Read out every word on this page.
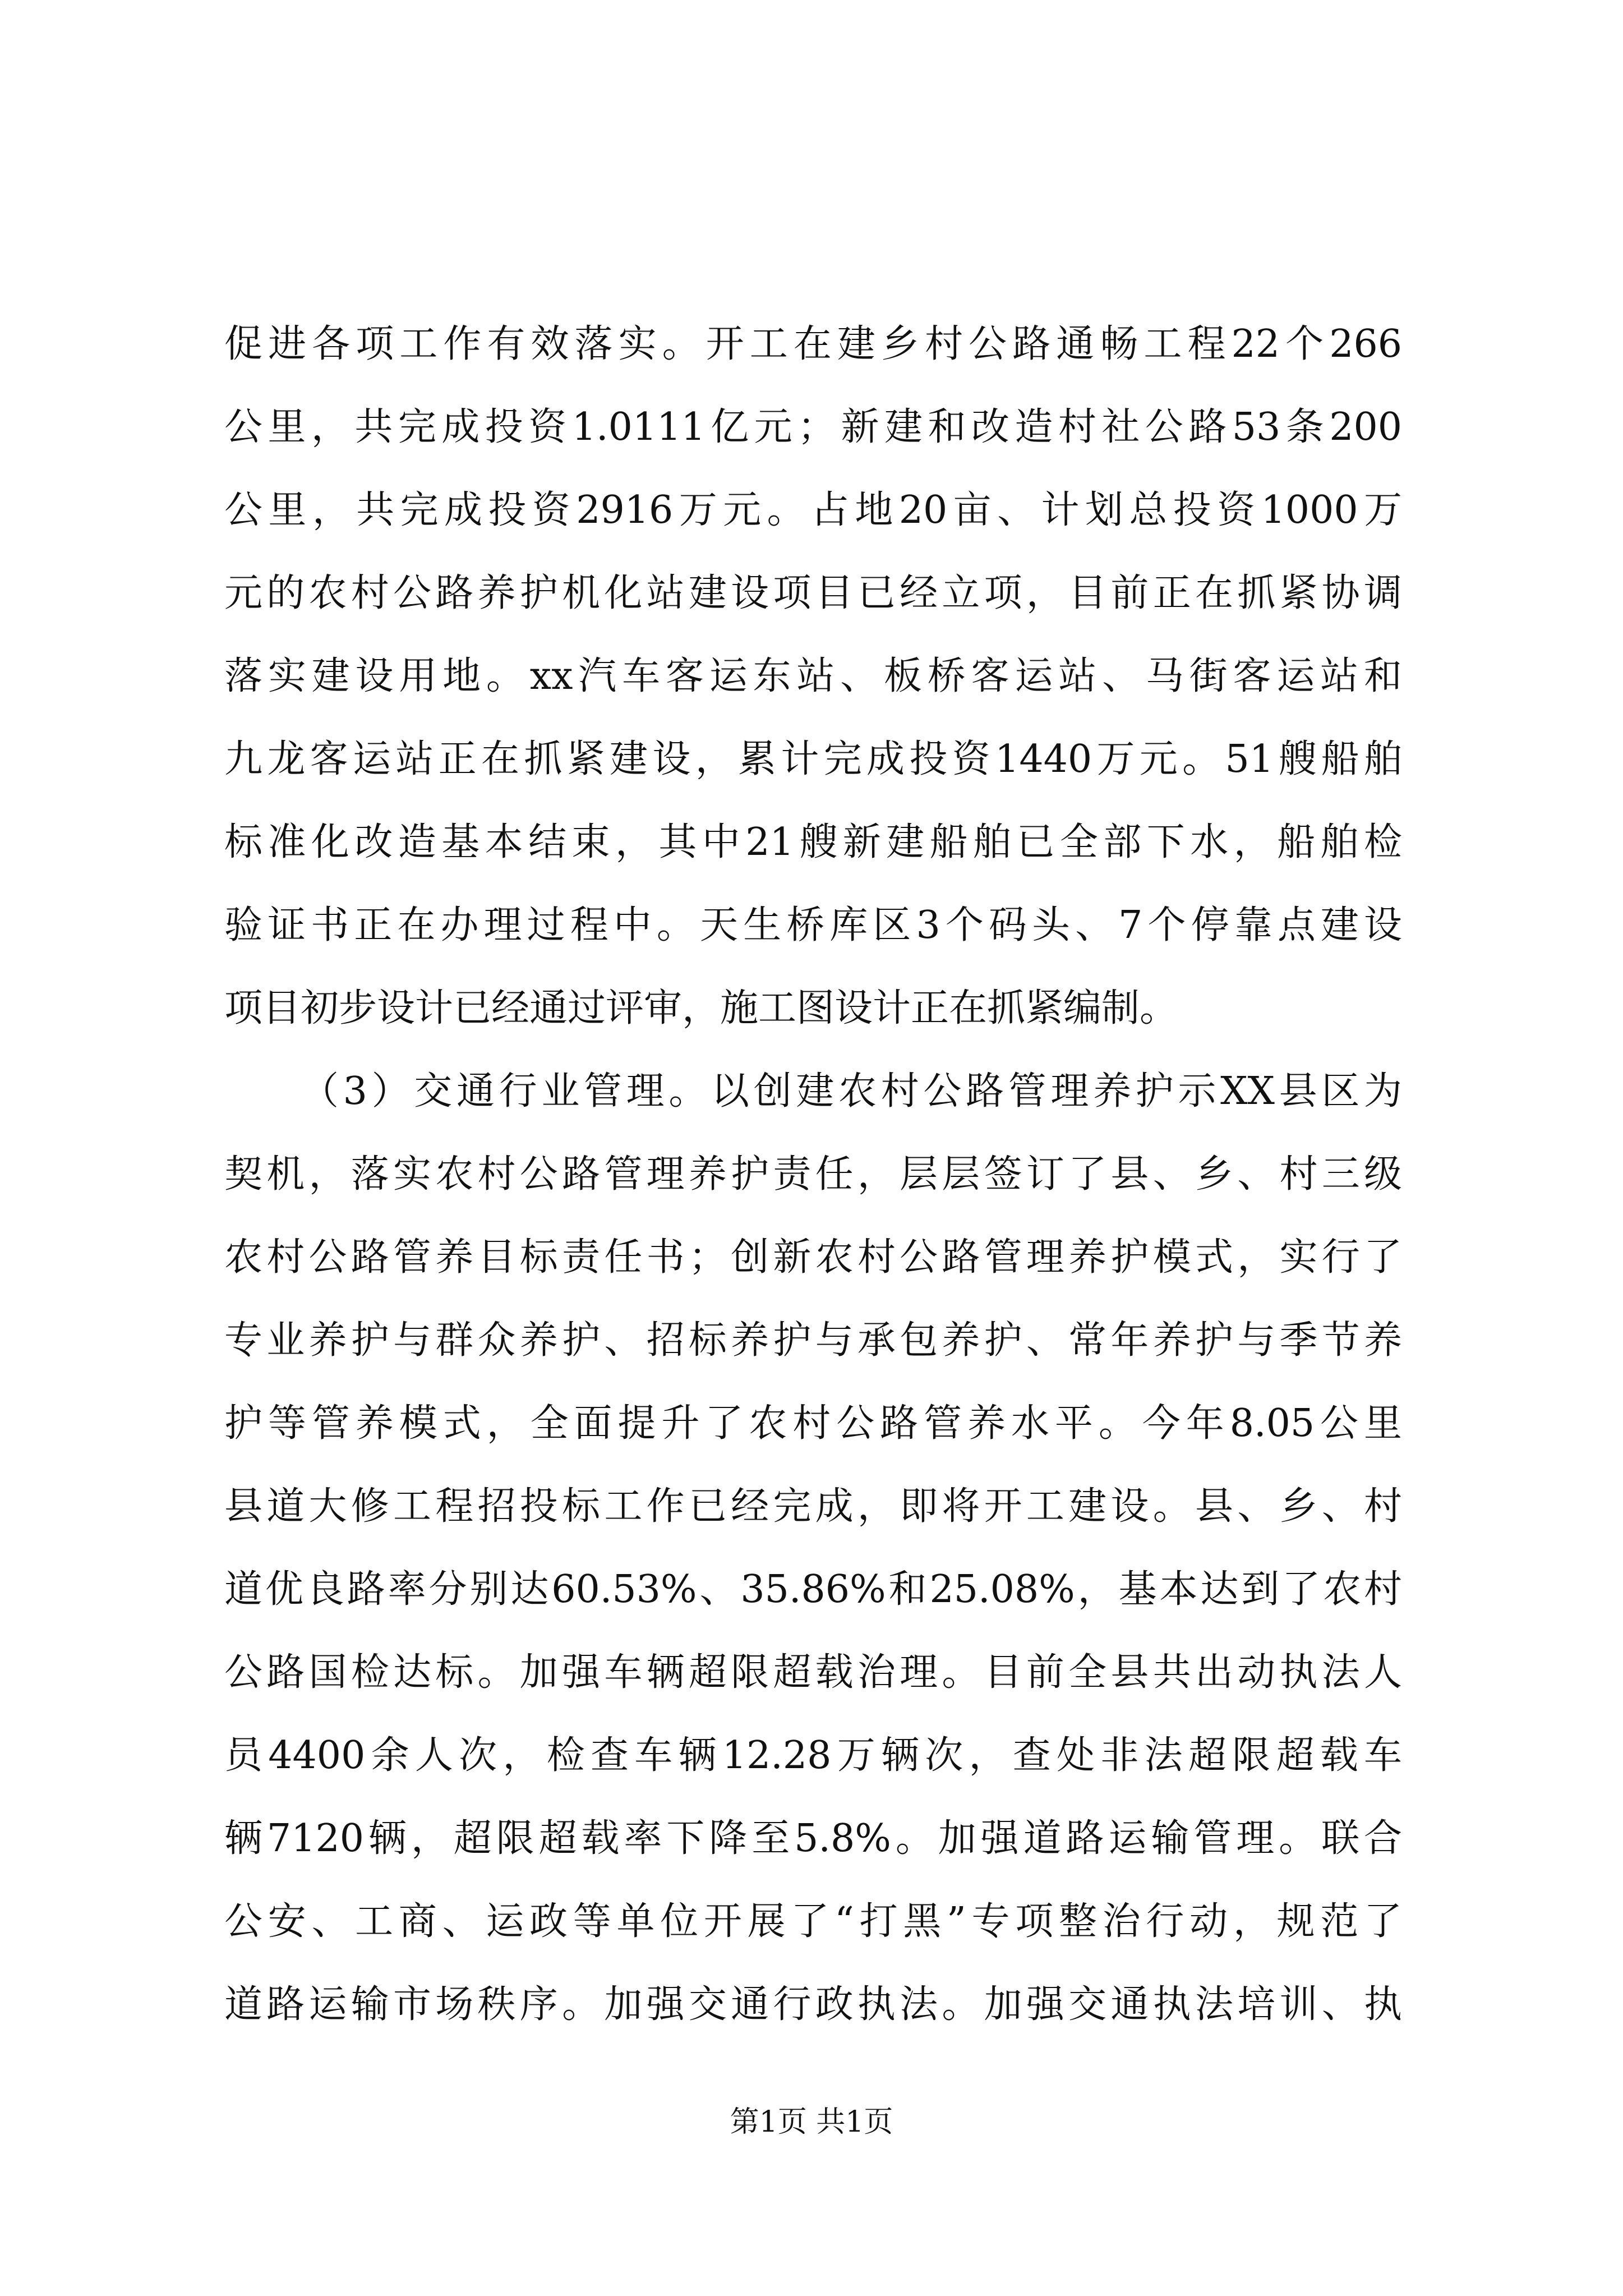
促进各项工作有效落实。开工在建乡村公路通畅工程22个266
公里，共完成投资1.0111亿元；新建和改造村社公路53条200
公里，共完成投资2916万元。占地20亩、计划总投资1000万
元的农村公路养护机化站建设项目已经立项，目前正在抓紧协调
落实建设用地。xx汽车客运东站、板桥客运站、马街客运站和
九龙客运站正在抓紧建设，累计完成投资1440万元。51艘船舶
标准化改造基本结束，其中21艘新建船舶已全部下水，船舶检
验证书正在办理过程中。天生桥库区3个码头、7个停靠点建设
项目初步设计已经通过评审，施工图设计正在抓紧编制。
（3）交通行业管理。以创建农村公路管理养护示XX县区为
契机，落实农村公路管理养护责任，层层签订了县、乡、村三级
农村公路管养目标责任书；创新农村公路管理养护模式，实行了
专业养护与群众养护、招标养护与承包养护、常年养护与季节养
护等管养模式，全面提升了农村公路管养水平。今年8.05公里
县道大修工程招投标工作已经完成，即将开工建设。县、乡、村
道优良路率分别达60.53%、35.86%和25.08%，基本达到了农村
公路国检达标。加强车辆超限超载治理。目前全县共出动执法人
员4400余人次，检查车辆12.28万辆次，查处非法超限超载车
辆7120辆，超限超载率下降至5.8%。加强道路运输管理。联合
公安、工商、运政等单位开展了“打黑”专项整治行动，规范了
道路运输市场秩序。加强交通行政执法。加强交通执法培训、执
第1页 共1页
